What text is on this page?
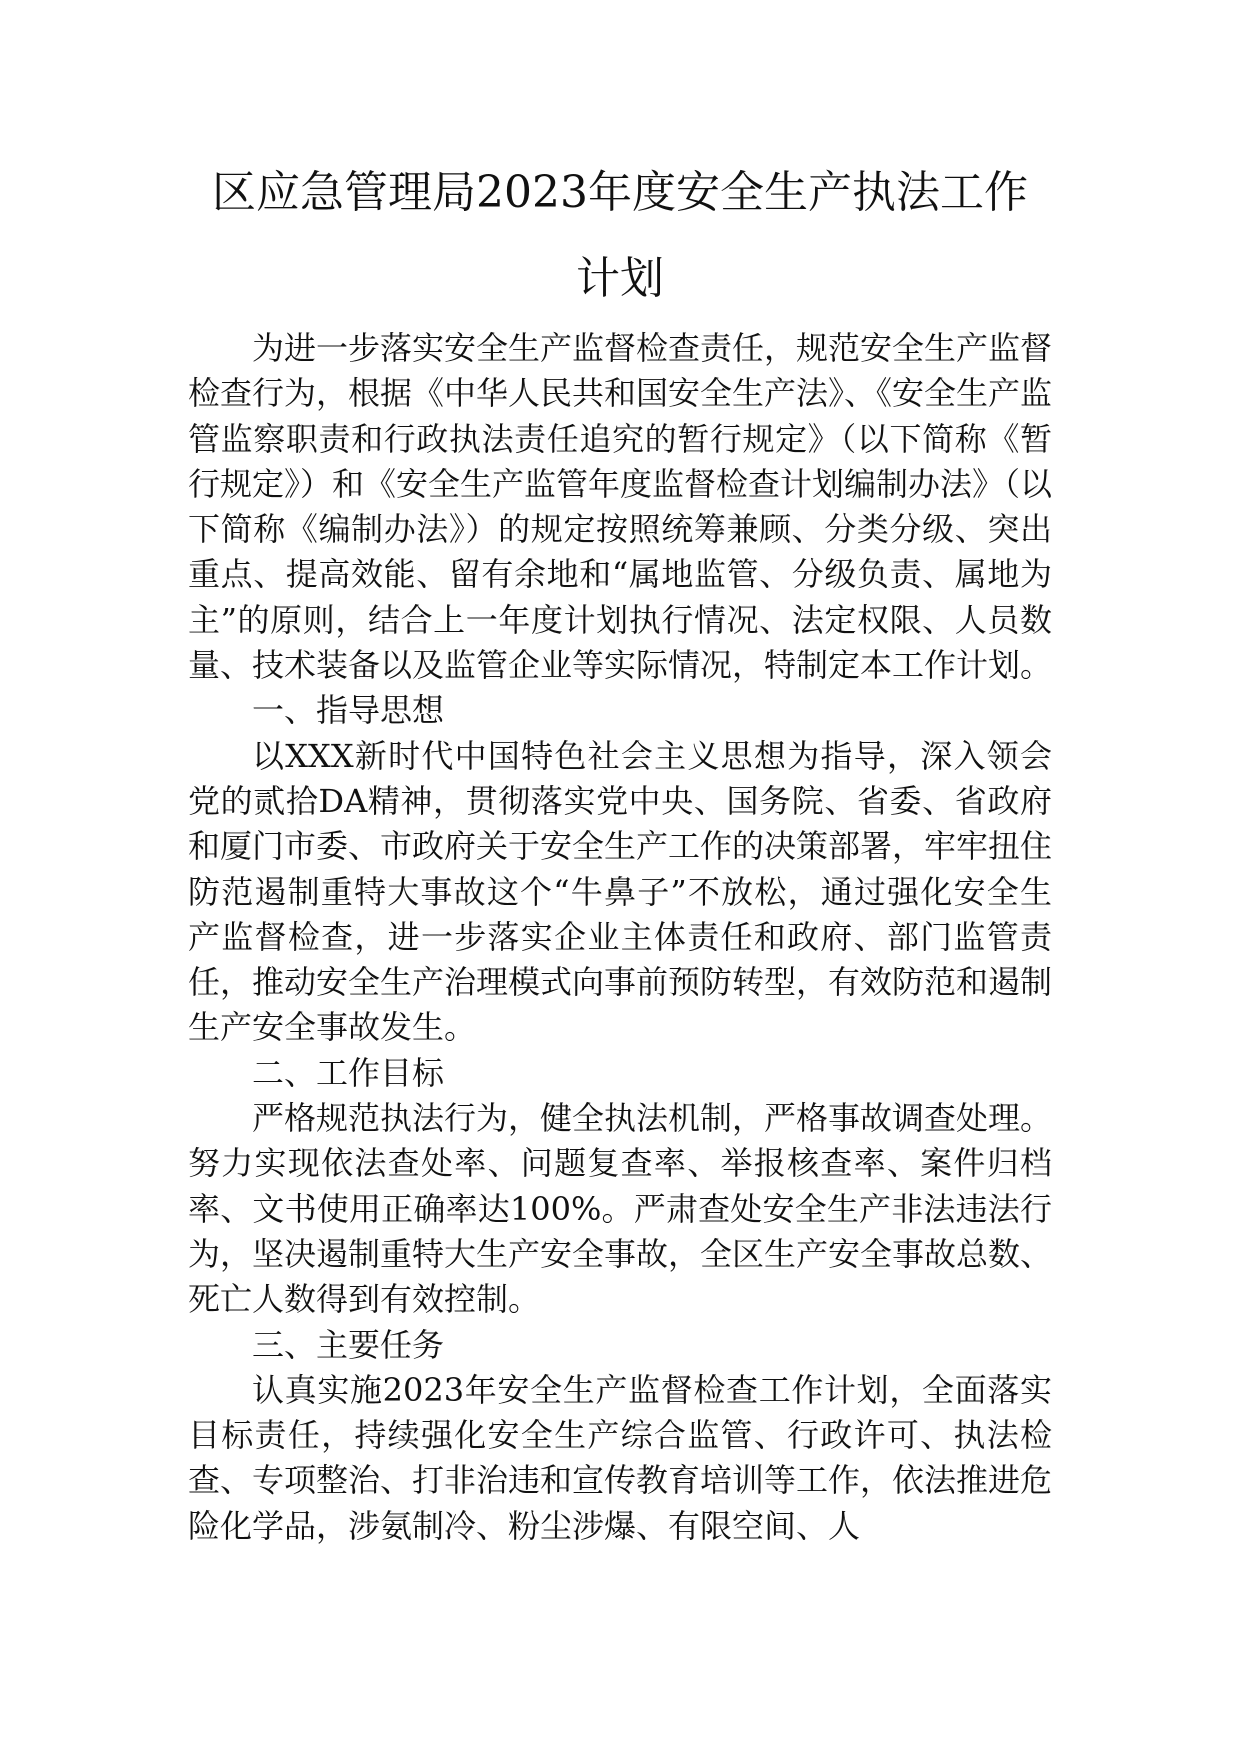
区应急管理局2023年度安全生产执法工作
计划

为进一步落实安全生产监督检查责任，规范安全生产监督检查行为，根据《中华人民共和国安全生产法》、《安全生产监管监察职责和行政执法责任追究的暂行规定》（以下简称《暂行规定》）和《安全生产监管年度监督检查计划编制办法》（以下简称《编制办法》）的规定按照统筹兼顾、分类分级、突出重点、提高效能、留有余地和“属地监管、分级负责、属地为主”的原则，结合上一年度计划执行情况、法定权限、人员数量、技术装备以及监管企业等实际情况，特制定本工作计划。

一、指导思想

以XXX新时代中国特色社会主义思想为指导，深入领会党的贰拾DA精神，贯彻落实党中央、国务院、省委、省政府和厦门市委、市政府关于安全生产工作的决策部署，牢牢扭住防范遏制重特大事故这个“牛鼻子”不放松，通过强化安全生产监督检查，进一步落实企业主体责任和政府、部门监管责任，推动安全生产治理模式向事前预防转型，有效防范和遏制生产安全事故发生。

二、工作目标

严格规范执法行为，健全执法机制，严格事故调查处理。努力实现依法查处率、问题复查率、举报核查率、案件归档率、文书使用正确率达100%。严肃查处安全生产非法违法行为，坚决遏制重特大生产安全事故，全区生产安全事故总数、死亡人数得到有效控制。

三、主要任务

认真实施2023年安全生产监督检查工作计划，全面落实目标责任，持续强化安全生产综合监管、行政许可、执法检查、专项整治、打非治违和宣传教育培训等工作，依法推进危险化学品，涉氨制冷、粉尘涉爆、有限空间、人
